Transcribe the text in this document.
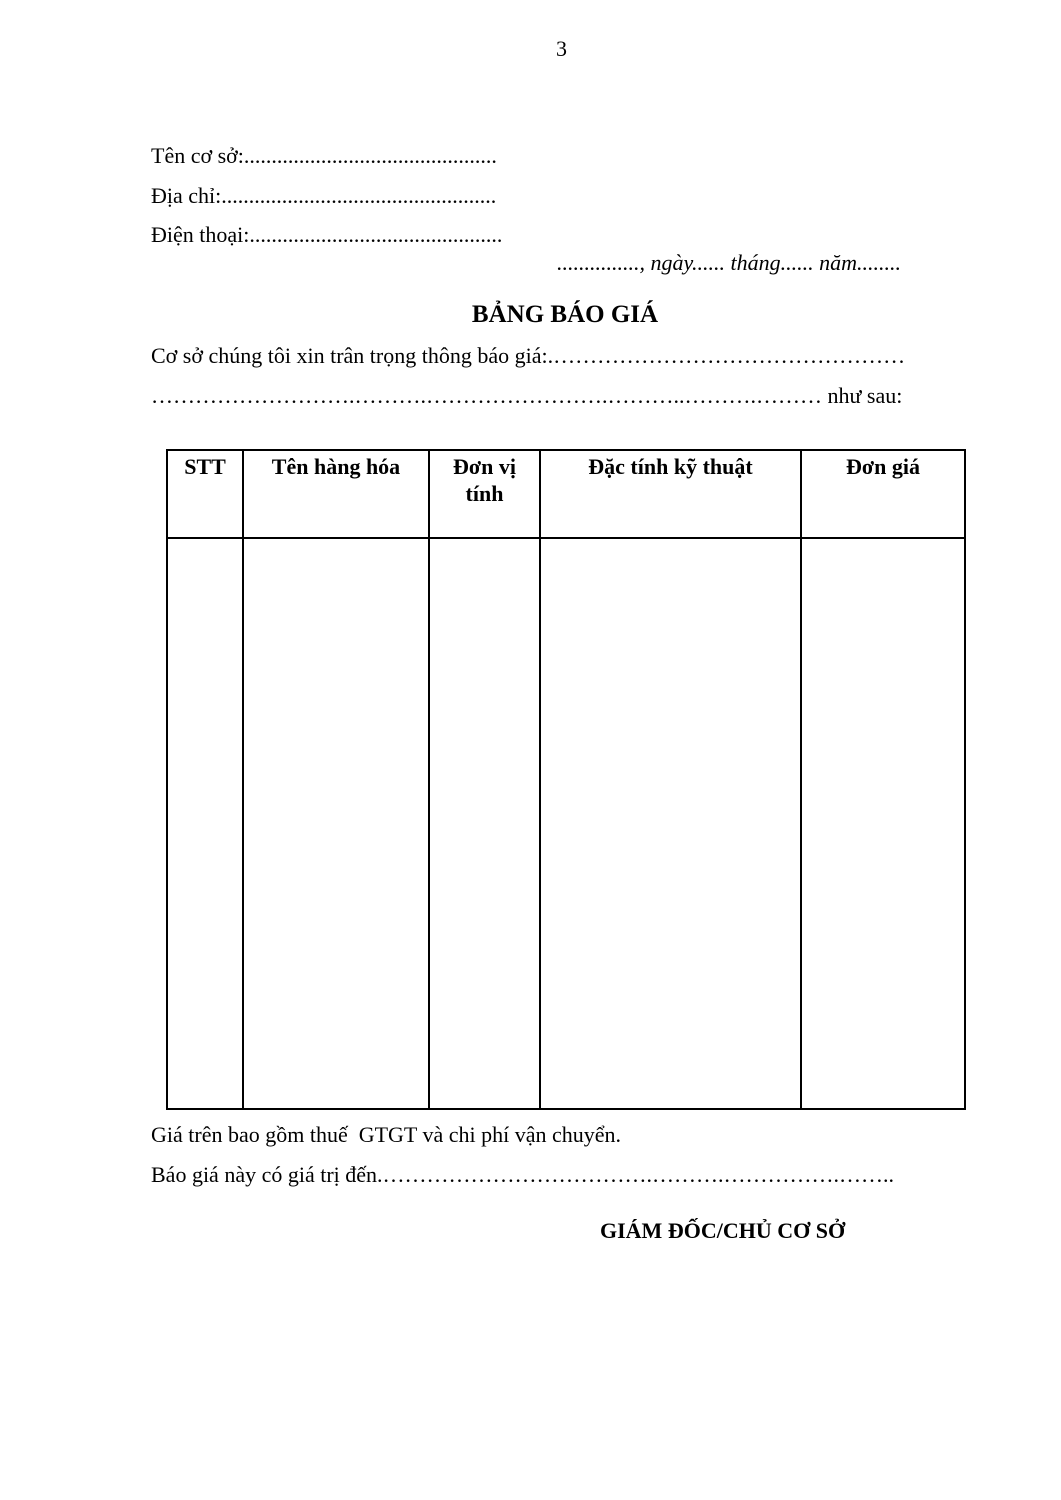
3
Tên cơ sở:..............................................
Địa chỉ:..................................................
Điện thoại:..............................................
..............., ngày...... tháng...... năm........
BẢNG BÁO GIÁ
Cơ sở chúng tôi xin trân trọng thông báo giá:.…………………………………………
……………………….……….…………………….………..……….……… như sau:
STT	Tên hàng hóa	Đơn vị tính	Đặc tính kỹ thuật	Đơn giá

Giá trên bao gồm thuế  GTGT và chi phí vận chuyển.
Báo giá này có giá trị đến.……………………………….……….…………….……..
GIÁM ĐỐC/CHỦ CƠ SỞ
